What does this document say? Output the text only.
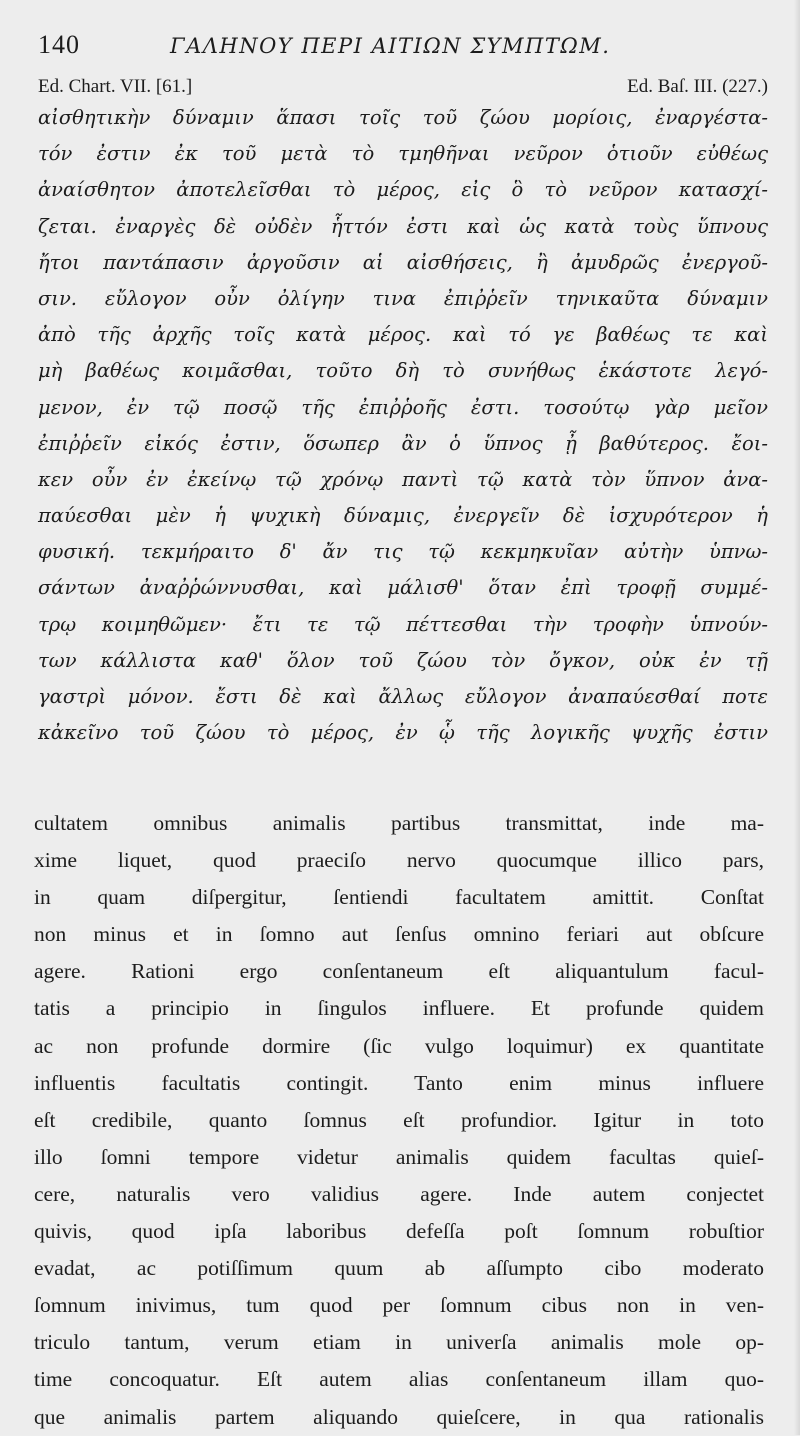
140	ΓΑΛΗΝΟΥ ΠΕΡΙ ΑΙΤΙΩΝ ΣΥΜΠΤΩΜ.
Ed. Chart. VII. [61.]	Ed. Baſ. III. (227.)
αἰσθητικὴν δύναμιν ἅπασι τοῖς τοῦ ζώου μορίοις, ἐναργέστα-
τόν ἐστιν ἐκ τοῦ μετὰ τὸ τμηθῆναι νεῦρον ὁτιοῦν εὐθέως
ἀναίσθητον ἀποτελεῖσθαι τὸ μέρος, εἰς ὃ τὸ νεῦρον κατασχί-
ζεται. ἐναργὲς δὲ οὐδὲν ἧττόν ἐστι καὶ ὡς κατὰ τοὺς ὕπνους
ἤτοι παντάπασιν ἀργοῦσιν αἱ αἰσθήσεις, ἢ ἀμυδρῶς ἐνεργοῦ-
σιν. εὔλογον οὖν ὀλίγην τινα ἐπιῤῥεῖν τηνικαῦτα δύναμιν
ἀπὸ τῆς ἀρχῆς τοῖς κατὰ μέρος. καὶ τό γε βαθέως τε καὶ
μὴ βαθέως κοιμᾶσθαι, τοῦτο δὴ τὸ συνήθως ἑκάστοτε λεγό-
μενον, ἐν τῷ ποσῷ τῆς ἐπιῤῥοῆς ἐστι. τοσούτῳ γὰρ μεῖον
ἐπιῤῥεῖν εἰκός ἐστιν, ὅσωπερ ἂν ὁ ὕπνος ᾖ βαθύτερος. ἔοι-
κεν οὖν ἐν ἐκείνῳ τῷ χρόνῳ παντὶ τῷ κατὰ τὸν ὕπνον ἀνα-
παύεσθαι μὲν ἡ ψυχικὴ δύναμις, ἐνεργεῖν δὲ ἰσχυρότερον ἡ
φυσική. τεκμήραιτο δ' ἄν τις τῷ κεκμηκυῖαν αὐτὴν ὑπνω-
σάντων ἀναῤῥώννυσθαι, καὶ μάλισθ' ὅταν ἐπὶ τροφῇ συμμέ-
τρῳ κοιμηθῶμεν· ἔτι τε τῷ πέττεσθαι τὴν τροφὴν ὑπνούν-
των κάλλιστα καθ' ὅλον τοῦ ζώου τὸν ὄγκον, οὐκ ἐν τῇ
γαστρὶ μόνον. ἔστι δὲ καὶ ἄλλως εὔλογον ἀναπαύεσθαί ποτε
κἀκεῖνο τοῦ ζώου τὸ μέρος, ἐν ᾧ τῆς λογικῆς ψυχῆς ἐστιν
cultatem omnibus animalis partibus transmittat, inde ma-
xime liquet, quod praeciſo nervo quocumque illico pars,
in quam diſpergitur, ſentiendi facultatem amittit. Conſtat
non minus et in ſomno aut ſenſus omnino feriari aut obſcure
agere. Rationi ergo conſentaneum eſt aliquantulum facul-
tatis a principio in ſingulos influere. Et profunde quidem
ac non profunde dormire (ſic vulgo loquimur) ex quantitate
influentis facultatis contingit. Tanto enim minus influere
eſt credibile, quanto ſomnus eſt profundior. Igitur in toto
illo ſomni tempore videtur animalis quidem facultas quieſ-
cere, naturalis vero validius agere. Inde autem conjectet
quivis, quod ipſa laboribus defeſſa poſt ſomnum robuſtior
evadat, ac potiſſimum quum ab aſſumpto cibo moderato
ſomnum inivimus, tum quod per ſomnum cibus non in ven-
triculo tantum, verum etiam in univerſa animalis mole op-
time concoquatur. Eſt autem alias conſentaneum illam quo-
que animalis partem aliquando quieſcere, in qua rationalis
